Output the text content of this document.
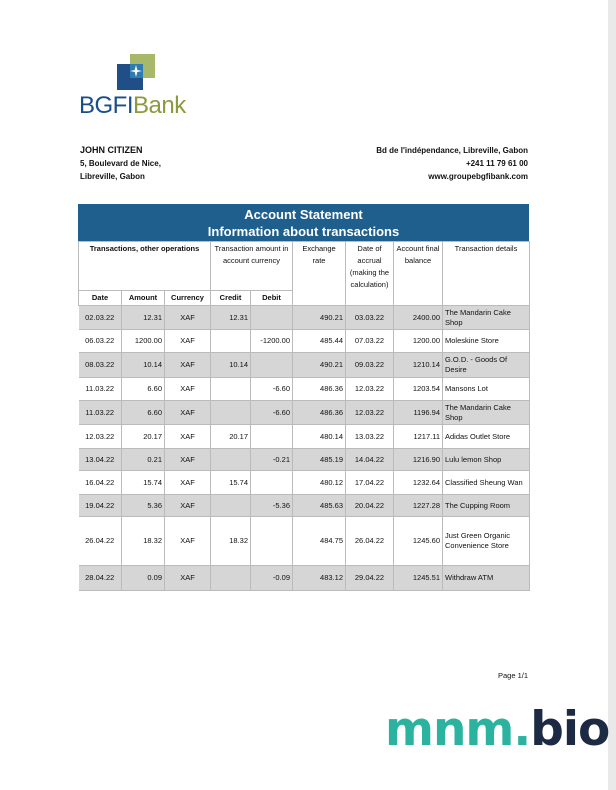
BGFIBank
JOHN CITIZEN
5, Boulevard de Nice,
Libreville, Gabon
Bd de l'indépendance, Libreville, Gabon
+241 11 79 61 00
www.groupebgfibank.com
Account Statement
Information about transactions
Transactions, other operations			Transaction amount in account currency		Exchange rate	Date of accrual (making the calculation)	Account final balance	Transaction details
Date	Amount	Currency	Credit	Debit				
02.03.22	12.31	XAF	12.31		490.21	03.03.22	2400.00	The Mandarin Cake Shop
06.03.22	1200.00	XAF		-1200.00	485.44	07.03.22	1200.00	Moleskine Store
08.03.22	10.14	XAF	10.14		490.21	09.03.22	1210.14	G.O.D. - Goods Of Desire
11.03.22	6.60	XAF		-6.60	486.36	12.03.22	1203.54	Mansons Lot
11.03.22	6.60	XAF		-6.60	486.36	12.03.22	1196.94	The Mandarin Cake Shop
12.03.22	20.17	XAF	20.17		480.14	13.03.22	1217.11	Adidas Outlet Store
13.04.22	0.21	XAF		-0.21	485.19	14.04.22	1216.90	Lulu lemon Shop
16.04.22	15.74	XAF	15.74		480.12	17.04.22	1232.64	Classified Sheung Wan
19.04.22	5.36	XAF		-5.36	485.63	20.04.22	1227.28	The Cupping Room
26.04.22	18.32	XAF	18.32		484.75	26.04.22	1245.60	Just Green Organic Convenience Store
28.04.22	0.09	XAF		-0.09	483.12	29.04.22	1245.51	Withdraw ATM
Page 1/1
mnm.bio
